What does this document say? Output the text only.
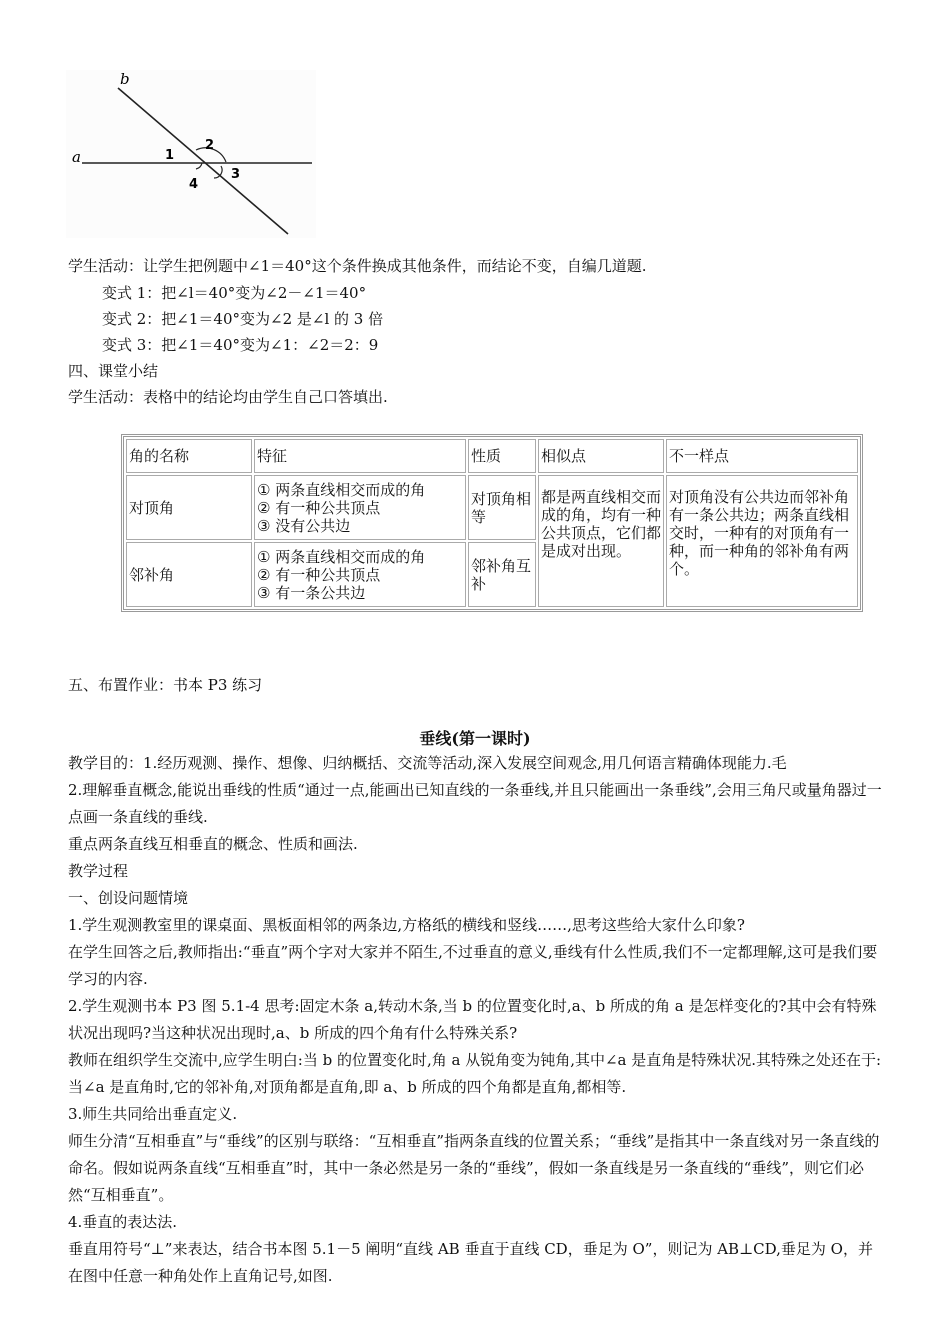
b
a	1
2
3
4
学生活动：让学生把例题中∠1＝40°这个条件换成其他条件，而结论不变，自编几道题.
变式 1：把∠l＝40°变为∠2－∠1＝40°
变式 2：把∠1＝40°变为∠2 是∠l 的 3 倍
变式 3：把∠1＝40°变为∠1：∠2＝2：9
四、课堂小结
学生活动：表格中的结论均由学生自己口答填出.
角的名称	特征	性质	相似点	不一样点
对顶角	① 两条直线相交而成的角
② 有一种公共顶点
③ 没有公共边	对顶角相等	都是两直线相交而成的角，均有一种公共顶点，它们都是成对出现。	对顶角没有公共边而邻补角有一条公共边；两条直线相交时，一种有的对顶角有一种，而一种角的邻补角有两个。
邻补角	① 两条直线相交而成的角
② 有一种公共顶点
③ 有一条公共边	邻补角互补		
五、布置作业：书本 P3 练习
垂线(第一课时)

教学目的：1.经历观测、操作、想像、归纳概括、交流等活动,深入发展空间观念,用几何语言精确体现能力.毛

2.理解垂直概念,能说出垂线的性质“通过一点,能画出已知直线的一条垂线,并且只能画出一条垂线”,会用三角尺或量角器过一点画一条直线的垂线.

重点两条直线互相垂直的概念、性质和画法.

教学过程

一、创设问题情境

1.学生观测教室里的课桌面、黑板面相邻的两条边,方格纸的横线和竖线……,思考这些给大家什么印象?

在学生回答之后,教师指出:“垂直”两个字对大家并不陌生,不过垂直的意义,垂线有什么性质,我们不一定都理解,这可是我们要学习的内容.

2.学生观测书本 P3 图 5.1-4 思考:固定木条 a,转动木条,当 b 的位置变化时,a、b 所成的角 a 是怎样变化的?其中会有特殊状况出现吗?当这种状况出现时,a、b 所成的四个角有什么特殊关系?

教师在组织学生交流中,应学生明白:当 b 的位置变化时,角 a 从锐角变为钝角,其中∠a 是直角是特殊状况.其特殊之处还在于:当∠a 是直角时,它的邻补角,对顶角都是直角,即 a、b 所成的四个角都是直角,都相等.

3.师生共同给出垂直定义.

师生分清“互相垂直”与“垂线”的区别与联络：“互相垂直”指两条直线的位置关系；“垂线”是指其中一条直线对另一条直线的命名。假如说两条直线“互相垂直”时，其中一条必然是另一条的“垂线”，假如一条直线是另一条直线的“垂线”，则它们必然“互相垂直”。

4.垂直的表达法.

垂直用符号“⊥”来表达，结合书本图 5.1－5 阐明“直线 AB 垂直于直线 CD，垂足为 O”，则记为 AB⊥CD,垂足为 O，并在图中任意一种角处作上直角记号,如图.
